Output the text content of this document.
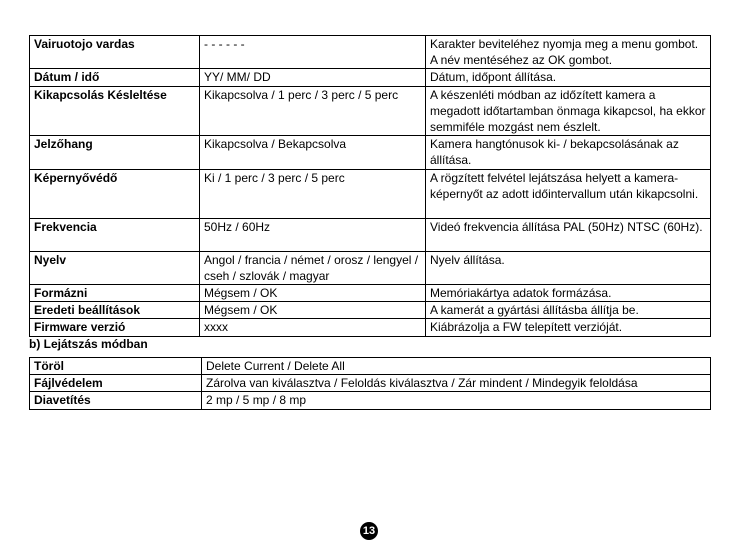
Vairuotojo vardas	- - - - - -	Karakter beviteléhez nyomja meg a menu gombot. A név mentéséhez az OK gombot.
Dátum / idő	YY/ MM/ DD	Dátum, időpont állítása.
Kikapcsolás Késleltése	Kikapcsolva / 1 perc / 3 perc / 5 perc	A készenléti módban az időzített kamera a megadott időtartamban önmaga kikapcsol, ha ekkor semmiféle mozgást nem észlelt.
Jelzőhang	Kikapcsolva / Bekapcsolva	Kamera hangtónusok ki- / bekapcsolásának az állítása.
Képernyővédő	Ki / 1 perc / 3 perc / 5 perc	A rögzített felvétel lejátszása helyett a kamera-képernyőt az adott időintervallum után kikapcsolni.
Frekvencia	50Hz / 60Hz	Videó frekvencia állítása PAL (50Hz) NTSC (60Hz).
Nyelv	Angol / francia / német / orosz / lengyel / cseh / szlovák / magyar	Nyelv állítása.
Formázni	Mégsem / OK	Memóriakártya adatok formázása.
Eredeti beállítások	Mégsem / OK	A kamerát a gyártási állításba állítja be.
Firmware verzió	xxxx	Kiábrázolja a FW telepített verzióját.
b) Lejátszás módban
Töröl	Delete Current / Delete All
Fájlvédelem	Zárolva van kiválasztva / Feloldás kiválasztva / Zár mindent / Mindegyik feloldása
Diavetítés	2 mp / 5 mp / 8 mp
13
